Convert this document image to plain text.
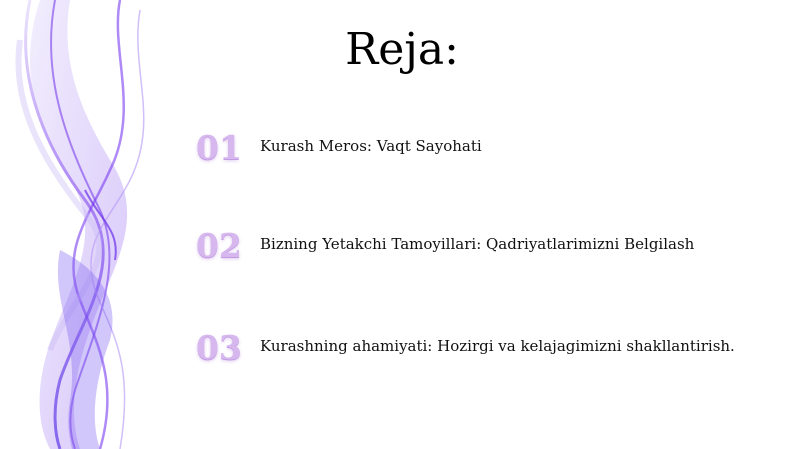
Reja:
01	Kurash Meros: Vaqt Sayohati
02	Bizning Yetakchi Tamoyillari: Qadriyatlarimizni Belgilash
03	Kurashning ahamiyati: Hozirgi va kelajagimizni shakllantirish.
